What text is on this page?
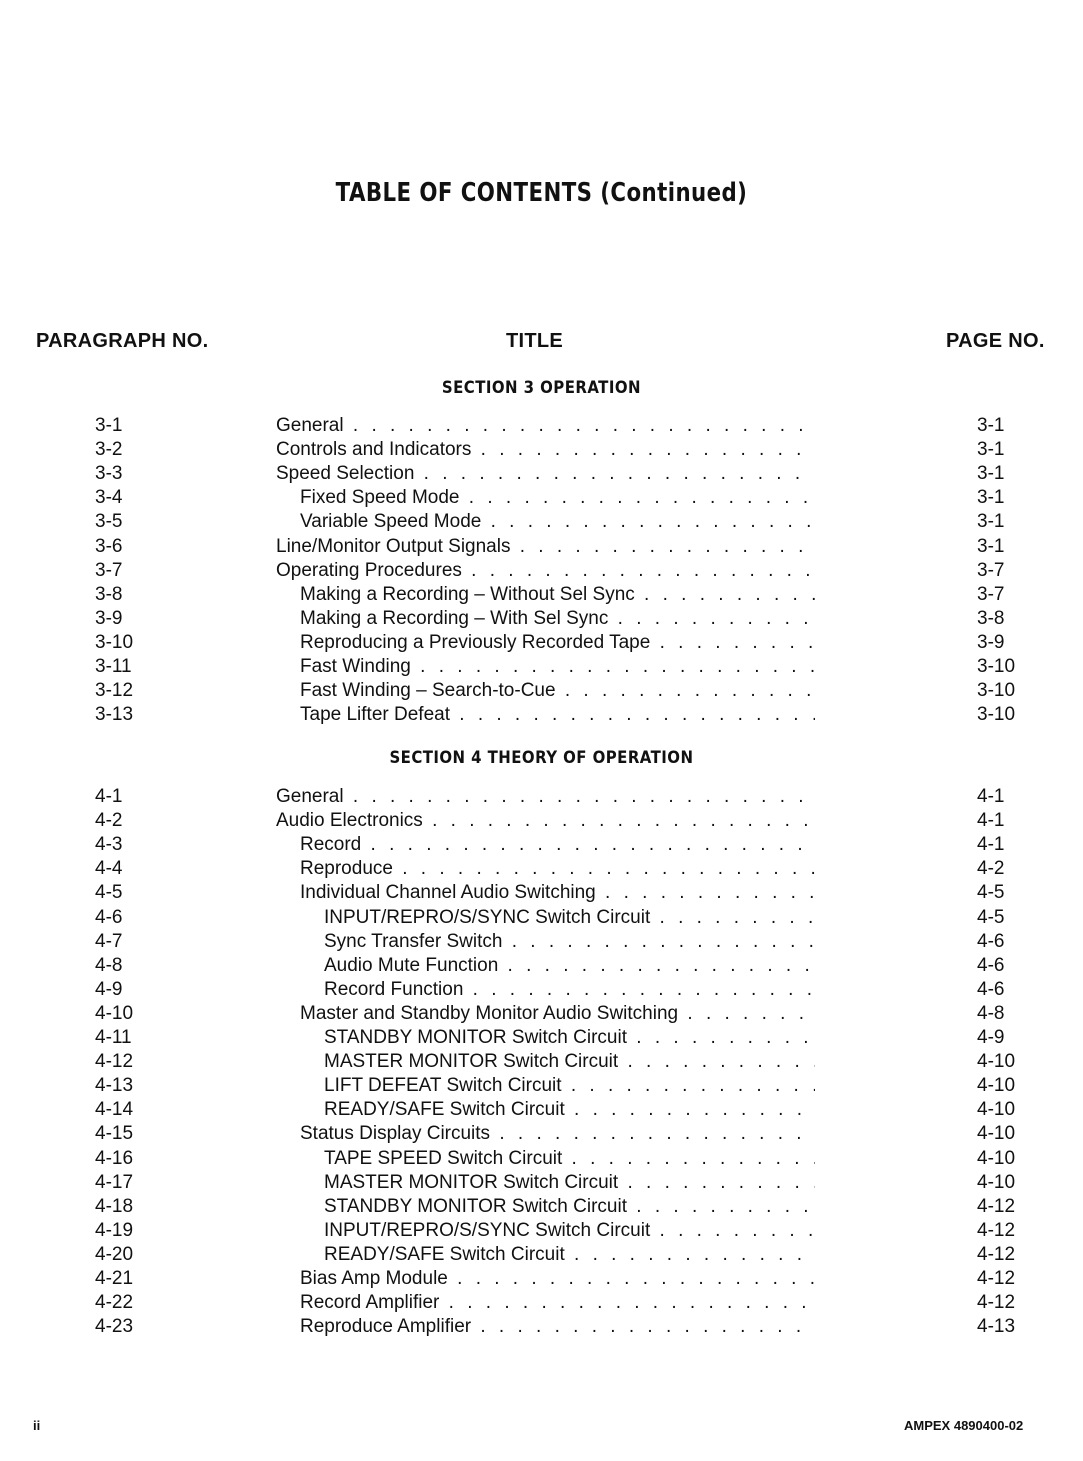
TABLE OF CONTENTS (Continued)
PARAGRAPH NO.	TITLE	PAGE NO.
SECTION 3 OPERATION
3-1	General . . .	3-1
3-2	Controls and Indicators . . .	3-1
3-3	Speed Selection . . .	3-1
3-4	Fixed Speed Mode . . .	3-1
3-5	Variable Speed Mode . . .	3-1
3-6	Line/Monitor Output Signals . . .	3-1
3-7	Operating Procedures . . .	3-7
3-8	Making a Recording – Without Sel Sync . . .	3-7
3-9	Making a Recording – With Sel Sync . . .	3-8
3-10	Reproducing a Previously Recorded Tape . . .	3-9
3-11	Fast Winding . . .	3-10
3-12	Fast Winding – Search-to-Cue . . .	3-10
3-13	Tape Lifter Defeat . . .	3-10
SECTION 4 THEORY OF OPERATION
4-1	General . . .	4-1
4-2	Audio Electronics . . .	4-1
4-3	Record . . .	4-1
4-4	Reproduce . . .	4-2
4-5	Individual Channel Audio Switching . . .	4-5
4-6	INPUT/REPRO/S/SYNC Switch Circuit . . .	4-5
4-7	Sync Transfer Switch . . .	4-6
4-8	Audio Mute Function . . .	4-6
4-9	Record Function . . .	4-6
4-10	Master and Standby Monitor Audio Switching . . .	4-8
4-11	STANDBY MONITOR Switch Circuit . . .	4-9
4-12	MASTER MONITOR Switch Circuit . . .	4-10
4-13	LIFT DEFEAT Switch Circuit . . .	4-10
4-14	READY/SAFE Switch Circuit . . .	4-10
4-15	Status Display Circuits . . .	4-10
4-16	TAPE SPEED Switch Circuit . . .	4-10
4-17	MASTER MONITOR Switch Circuit . . .	4-10
4-18	STANDBY MONITOR Switch Circuit . . .	4-12
4-19	INPUT/REPRO/S/SYNC Switch Circuit . . .	4-12
4-20	READY/SAFE Switch Circuit . . .	4-12
4-21	Bias Amp Module . . .	4-12
4-22	Record Amplifier . . .	4-12
4-23	Reproduce Amplifier . . .	4-13
ii	AMPEX 4890400-02
